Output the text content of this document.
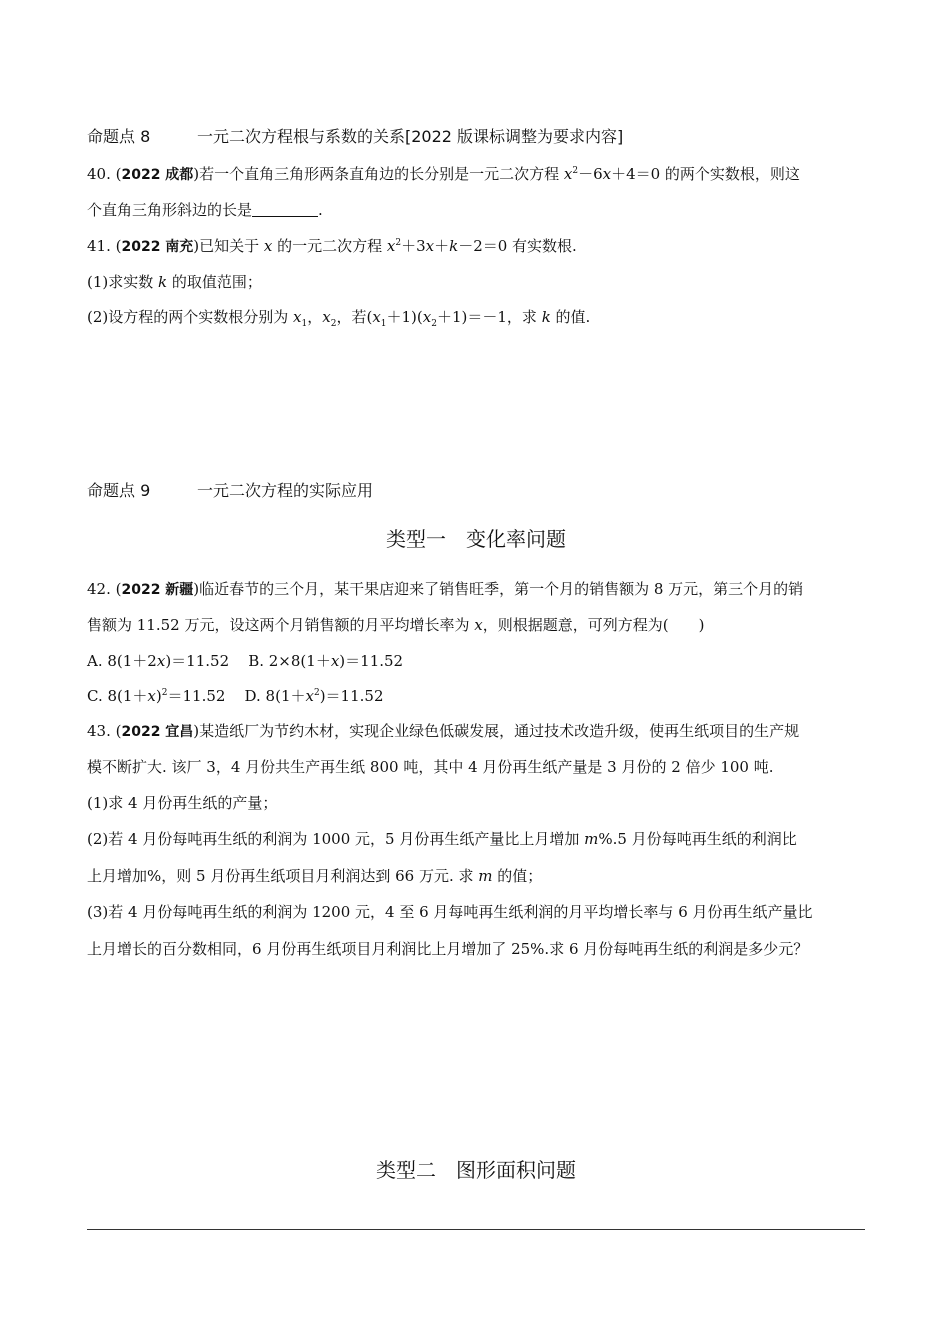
命题点 8	一元二次方程根与系数的关系[2022 版课标调整为要求内容]
40. (2022 成都)若一个直角三角形两条直角边的长分别是一元二次方程 $x^2-6x+4=0$ 的两个实数根，则这
个直角三角形斜边的长是	.
41. (2022 南充)已知关于 x 的一元二次方程 $x^2+3x+k-2=0$ 有实数根.
(1)求实数 k 的取值范围；
(2)设方程的两个实数根分别为 $x_1$，$x_2$，若$(x_1+1)(x_2+1)=-1$，求 k 的值.
命题点 9	一元二次方程的实际应用
类型一　变化率问题
42. (2022 新疆)临近春节的三个月，某干果店迎来了销售旺季，第一个月的销售额为 8 万元，第三个月的销
售额为 11.52 万元，设这两个月销售额的月平均增长率为 x，则根据题意，可列方程为(　　)
A. 8(1＋2x)＝11.52 B. 2×8(1＋x)＝11.52
C. $8(1+x)^2=11.52$ D. $8(1+x^2)=11.52$
43. (2022 宜昌)某造纸厂为节约木材，实现企业绿色低碳发展，通过技术改造升级，使再生纸项目的生产规
模不断扩大. 该厂 3，4 月份共生产再生纸 800 吨，其中 4 月份再生纸产量是 3 月份的 2 倍少 100 吨.
(1)求 4 月份再生纸的产量；
(2)若 4 月份每吨再生纸的利润为 1000 元，5 月份再生纸产量比上月增加 m%.5 月份每吨再生纸的利润比
上月增加%，则 5 月份再生纸项目月利润达到 66 万元. 求 m 的值；
(3)若 4 月份每吨再生纸的利润为 1200 元，4 至 6 月每吨再生纸利润的月平均增长率与 6 月份再生纸产量比
上月增长的百分数相同，6 月份再生纸项目月利润比上月增加了 25%.求 6 月份每吨再生纸的利润是多少元？
类型二　图形面积问题
